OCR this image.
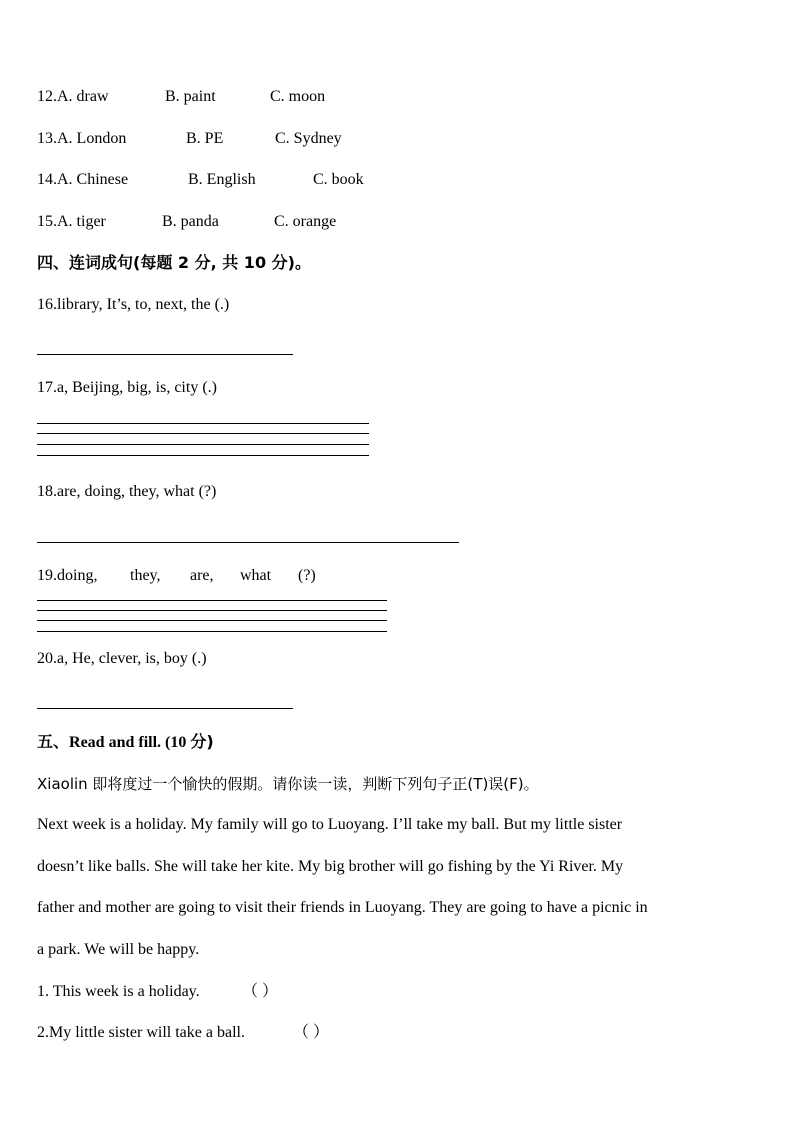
12.A. draw	B. paint	C. moon
13.A. London	B. PE	C. Sydney
14.A. Chinese	B. English	C. book
15.A. tiger	B. panda	C. orange
四、连词成句(每题 2 分, 共 10 分)。
16.library, It’s, to, next, the (.)
17.a, Beijing, big, is, city (.)
18.are, doing, they, what (?)
19.doing, they, are, what (?)
20.a, He, clever, is, boy (.)
五、Read and fill. (10 分)
Xiaolin 即将度过一个愉快的假期。请你读一读，判断下列句子正(T)误(F)。
Next week is a holiday. My family will go to Luoyang. I’ll take my ball. But my little sister
doesn’t like balls. She will take her kite. My big brother will go fishing by the Yi River. My
father and mother are going to visit their friends in Luoyang. They are going to have a picnic in
a park. We will be happy.
1. This week is a holiday.	（ ）
2.My little sister will take a ball.	（ ）
